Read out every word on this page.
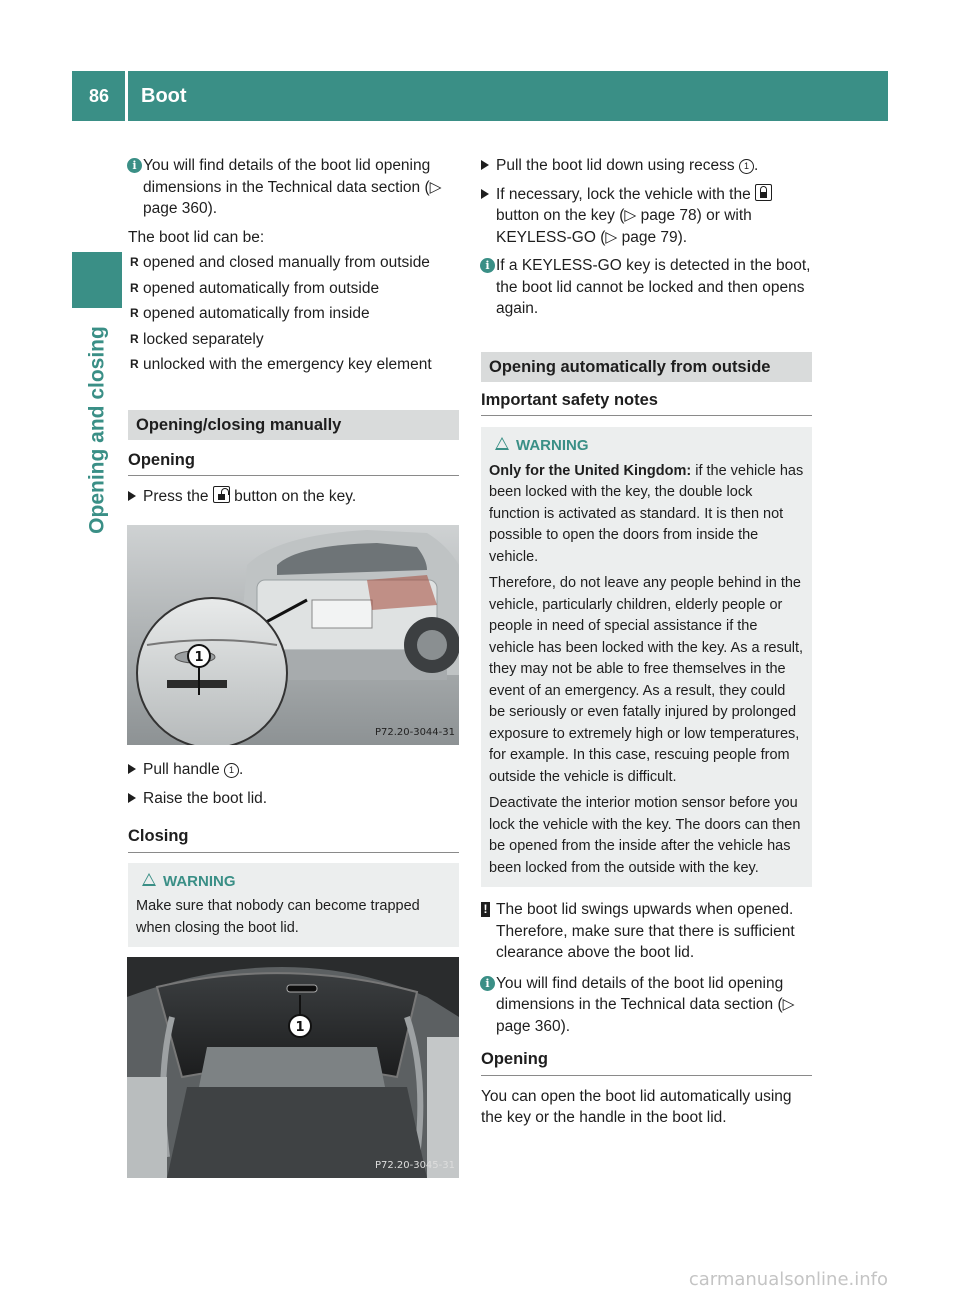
86	Boot
Opening and closing
i You will find details of the boot lid opening dimensions in the Technical data section (▷ page 360).

The boot lid can be:

R opened and closed manually from outside
R opened automatically from outside
R opened automatically from inside
R locked separately
R unlocked with the emergency key element
Opening/closing manually
Opening
Press the button on the key.
1
P72.20-3044-31
Pull handle 1 .
Raise the boot lid.
Closing
WARNING

Make sure that nobody can become trapped when closing the boot lid.

1
P72.20-3045-31
Pull the boot lid down using recess 1 .
If necessary, lock the vehicle with the  button on the key (▷ page 78) or with KEYLESS-GO (▷ page 79).
i If a KEYLESS-GO key is detected in the boot, the boot lid cannot be locked and then opens again.
Opening automatically from outside
Important safety notes
WARNING

Only for the United Kingdom: if the vehicle has been locked with the key, the double lock function is activated as standard. It is then not possible to open the doors from inside the vehicle.

Therefore, do not leave any people behind in the vehicle, particularly children, elderly people or people in need of special assistance if the vehicle has been locked with the key. As a result, they may not be able to free themselves in the event of an emergency. As a result, they could be seriously or even fatally injured by prolonged exposure to extremely high or low temperatures, for example. In this case, rescuing people from outside the vehicle is difficult.

Deactivate the interior motion sensor before you lock the vehicle with the key. The doors can then be opened from the inside after the vehicle has been locked from the outside with the key.

! The boot lid swings upwards when opened. Therefore, make sure that there is sufficient clearance above the boot lid.
i You will find details of the boot lid opening dimensions in the Technical data section (▷ page 360).
Opening

You can open the boot lid automatically using the key or the handle in the boot lid.

carmanualsonline.info
